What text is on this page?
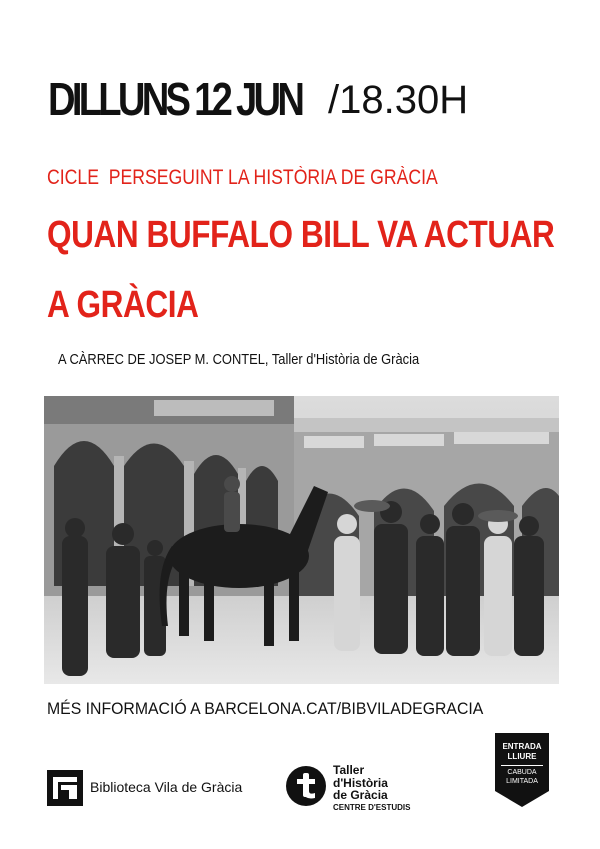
DILLUNS 12 JUN /18.30H
CICLE  PERSEGUINT LA HISTÒRIA DE GRÀCIA
QUAN BUFFALO BILL VA ACTUAR
A GRÀCIA
A CÀRREC DE JOSEP M. CONTEL, Taller d'Història de Gràcia
MÉS INFORMACIÓ A BARCELONA.CAT/BIBVILADEGRACIA
Biblioteca Vila de Gràcia
Taller
d'Història
de Gràcia
CENTRE D'ESTUDIS
ENTRADA
LLIURE
CABUDA
LIMITADA
